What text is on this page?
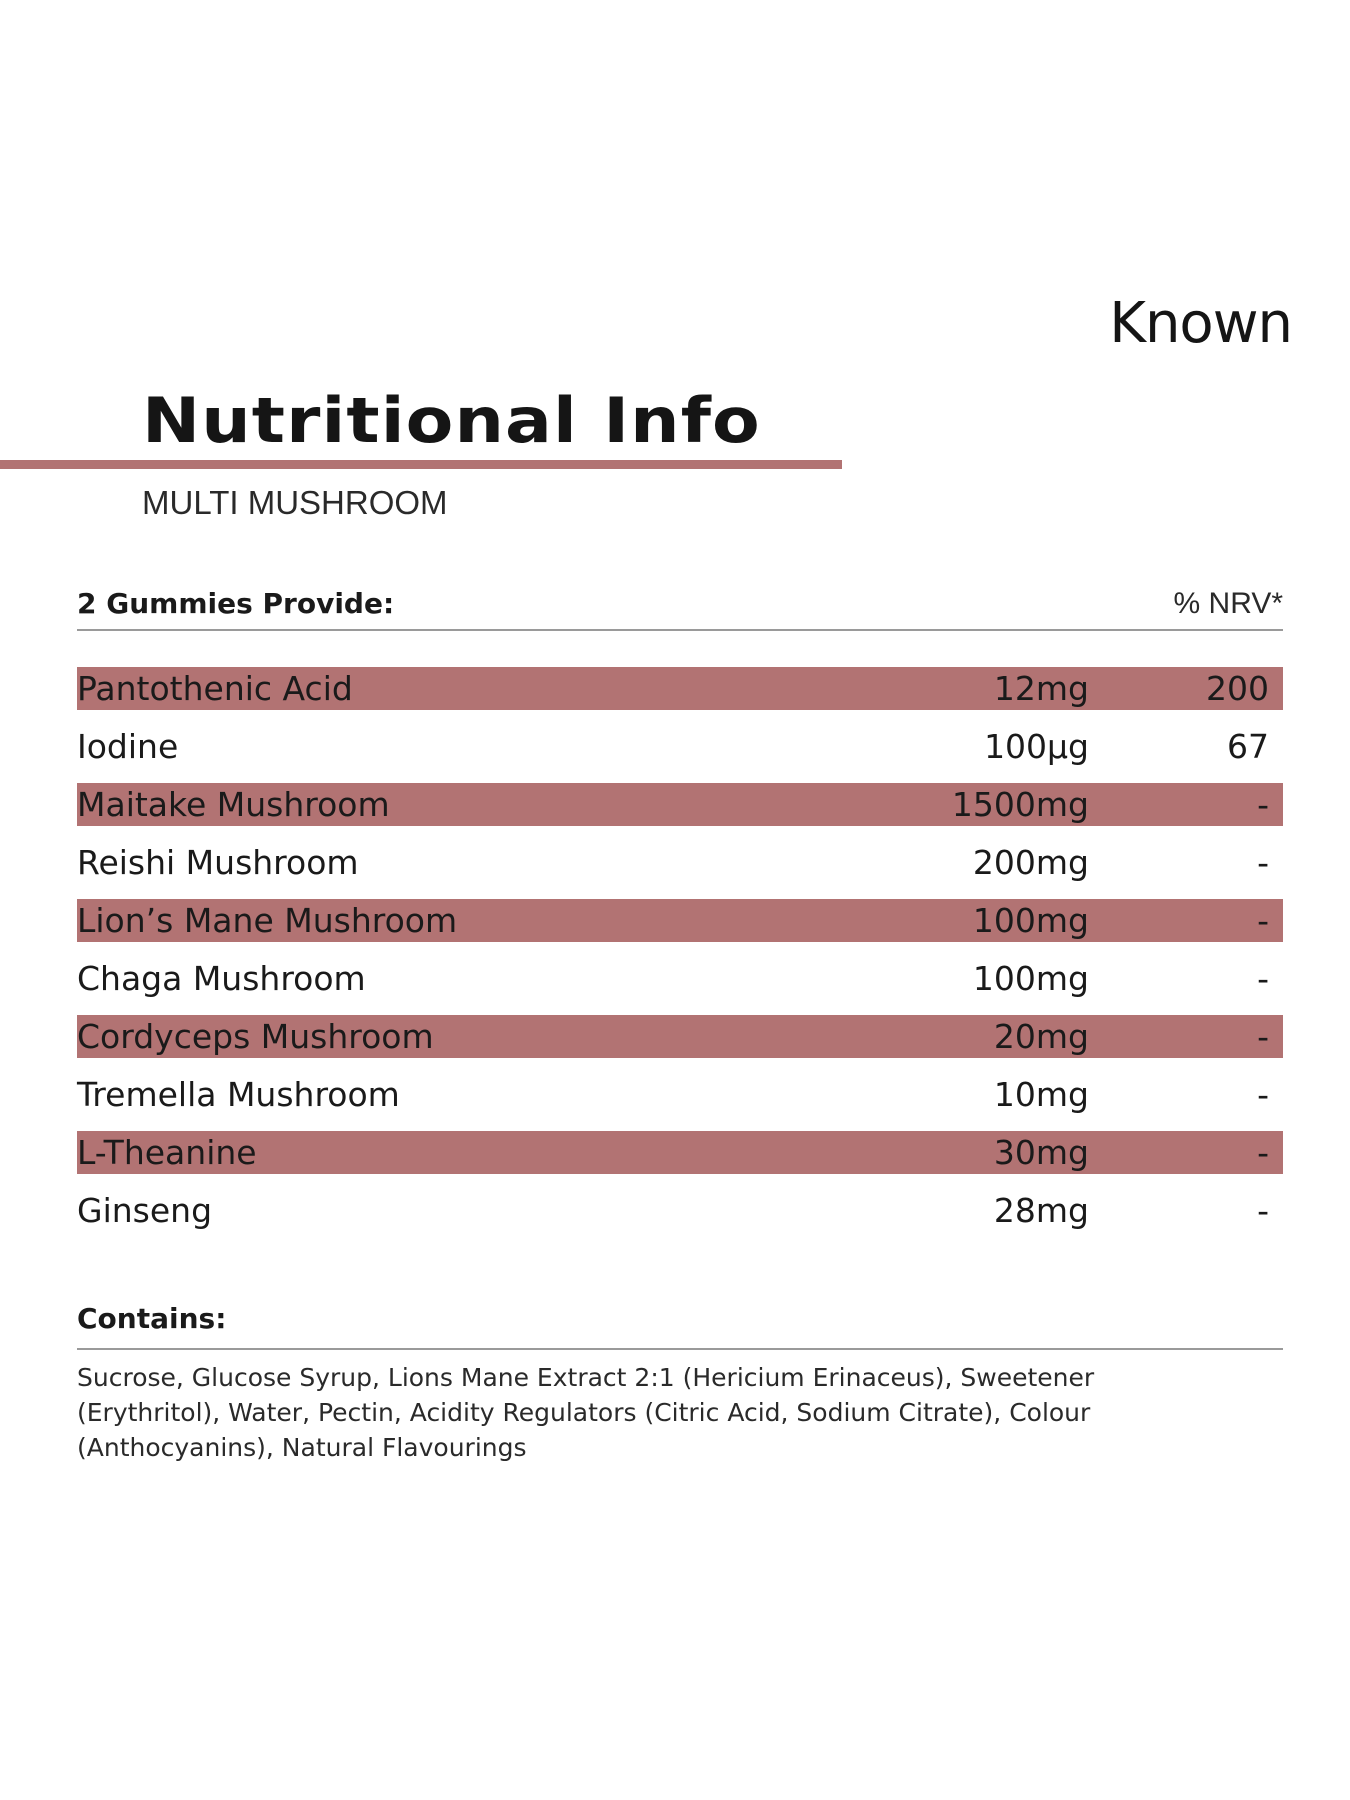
Known
Nutritional Info
MULTI MUSHROOM
2 Gummies Provide:	% NRV*
Pantothenic Acid	12mg	200
Iodine	100µg	67
Maitake Mushroom	1500mg	-
Reishi Mushroom	200mg	-
Lion’s Mane Mushroom	100mg	-
Chaga Mushroom	100mg	-
Cordyceps Mushroom	20mg	-
Tremella Mushroom	10mg	-
L-Theanine	30mg	-
Ginseng	28mg	-
Contains:
Sucrose, Glucose Syrup, Lions Mane Extract 2:1 (Hericium Erinaceus), Sweetener (Erythritol), Water, Pectin, Acidity Regulators (Citric Acid, Sodium Citrate), Colour (Anthocyanins), Natural Flavourings
